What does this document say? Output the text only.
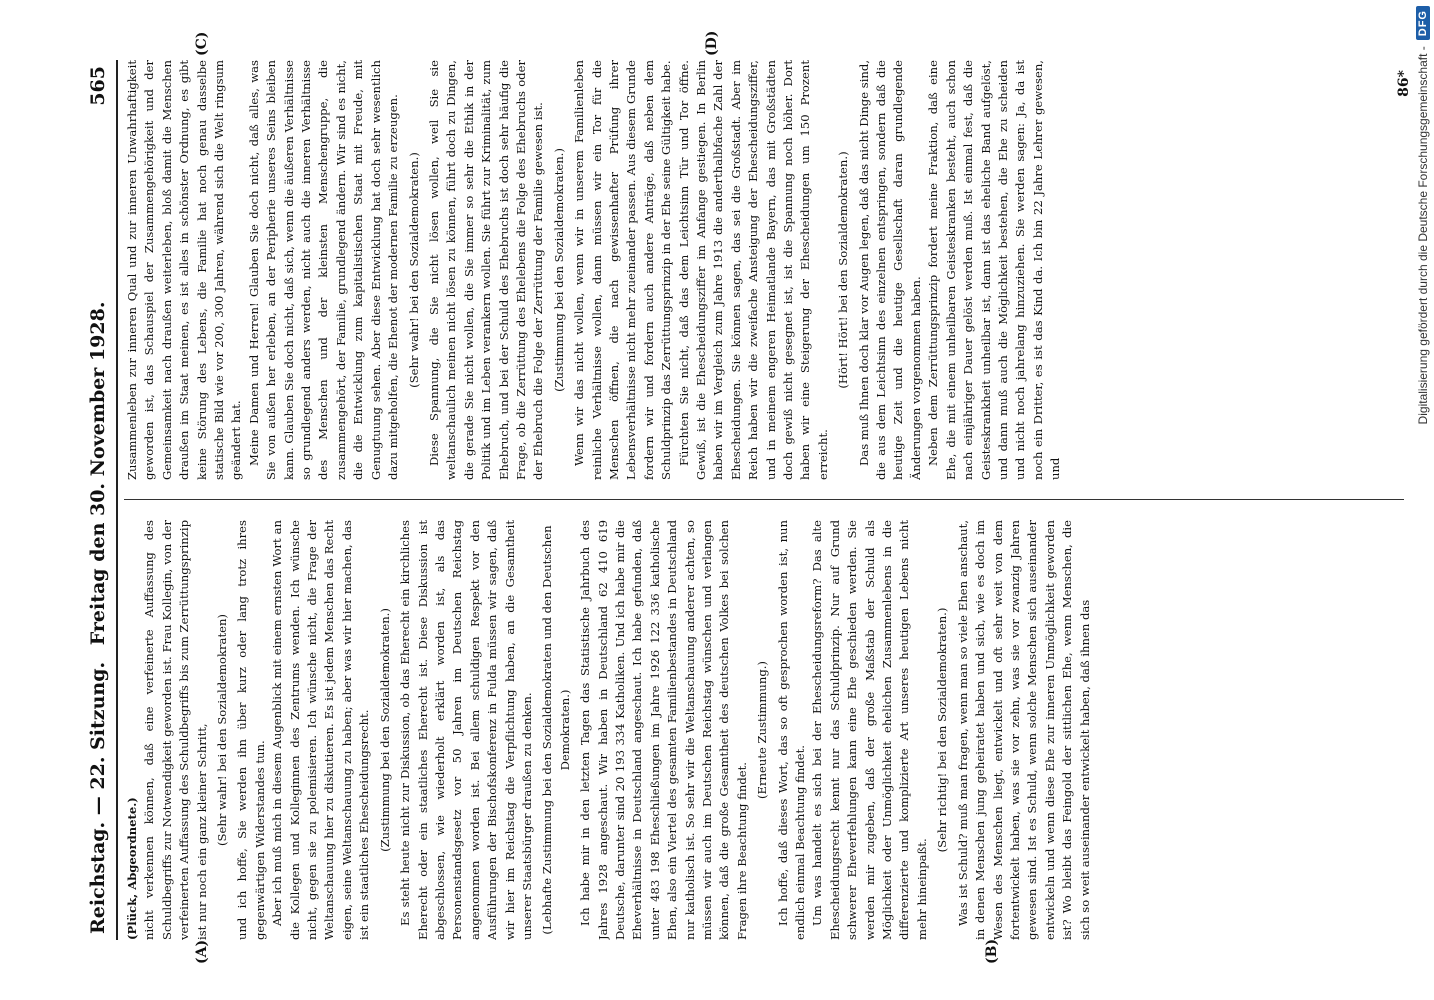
Reichstag. — 22. Sitzung. Freitag den 30. November 1928.
565
(A)	(B)

(Plück, Abgeordnete.) nicht verkennen können, daß eine verfeinerte Auffassung des Schuldbegriffs zur Notwendigkeit geworden ist. Frau Kollegin, von der verfeinerten Auffassung des Schuldbegriffs bis zum Zerrüttungsprinzip ist nur noch ein ganz kleiner Schritt, (Sehr wahr! bei den Sozialdemokraten) und ich hoffe, Sie werden ihn über kurz oder lang trotz ihres gegenwärtigen Widerstandes tun. Aber ich muß mich in diesem Augenblick mit einem ernsten Wort an die Kollegen und Kolleginnen des Zentrums wenden. Ich wünsche nicht, gegen sie zu polemisieren. Ich wünsche nicht, die Frage der Weltanschauung hier zu diskutieren. Es ist jedem Menschen das Recht eigen, seine Weltanschauung zu haben; aber was wir hier machen, das ist ein staatliches Ehescheidungsrecht. (Zustimmung bei den Sozialdemokraten.) Es steht heute nicht zur Diskussion, ob das Eherecht ein kirchliches Eherecht oder ein staatliches Eherecht ist. Diese Diskussion ist abgeschlossen, wie wiederholt erklärt worden ist, als das Personenstandsgesetz vor 50 Jahren im Deutschen Reichstag angenommen worden ist. Bei allem schuldigen Respekt vor den Ausführungen der Bischofskonferenz in Fulda müssen wir sagen, daß wir hier im Reichstag die Verpflichtung haben, an die Gesamtheit unserer Staatsbürger draußen zu denken. (Lebhafte Zustimmung bei den Sozialdemokraten und den Deutschen Demokraten.) Ich habe mir in den letzten Tagen das Statistische Jahrbuch des Jahres 1928 angeschaut. Wir haben in Deutschland 62 410 619 Deutsche, darunter sind 20 193 334 Katholiken. Und ich habe mir die Eheverhältnisse in Deutschland angeschaut. Ich habe gefunden, daß unter 483 198 Eheschließungen im Jahre 1926 122 336 katholische Ehen, also ein Viertel des gesamten Familienbestandes in Deutschland nur katholisch ist. So sehr wir die Weltanschauung anderer achten, so müssen wir auch im Deutschen Reichstag wünschen und verlangen können, daß die große Gesamtheit des deutschen Volkes bei solchen Fragen ihre Beachtung findet.

(Erneute Zustimmung.) Ich hoffe, daß dieses Wort, das so oft gesprochen worden ist, nun endlich einmal Beachtung findet. Um was handelt es sich bei der Ehescheidungsreform? Das alte Ehescheidungsrecht kennt nur das Schuldprinzip. Nur auf Grund schwerer Eheverfehlungen kann eine Ehe geschieden werden. Sie werden mir zugeben, daß der große Maßstab der Schuld als Möglichkeit oder Unmöglichkeit ehelichen Zusammenlebens in die differenzierte und komplizierte Art unseres heutigen Lebens nicht mehr hineinpaßt.

(Sehr richtig! bei den Sozialdemokraten.) Was ist Schuld? muß man fragen, wenn man so viele Ehen anschaut, in denen Menschen jung geheiratet haben und sich, wie es doch im Wesen des Menschen liegt, entwickelt und oft sehr weit von dem fortentwickelt haben, was sie vor zehn, was sie vor zwanzig Jahren gewesen sind. Ist es Schuld, wenn solche Menschen sich auseinander entwickeln und wenn diese Ehe zur inneren Unmöglichkeit geworden ist? Wo bleibt das Feingold der sittlichen Ehe, wenn Menschen, die sich so weit auseinander entwickelt haben, daß ihnen das

Zusammenleben zur inneren Qual und zur inneren Unwahrhaftigkeit geworden ist, das Schauspiel der Zusammengehörigkeit und der Gemeinsamkeit nach draußen weiterleben, bloß damit die Menschen draußen im Staat meinen, es ist alles in schönster Ordnung, es gibt keine Störung des Lebens, die Familie hat noch genau dasselbe statische Bild wie vor 200, 300 Jahren, während sich die Welt ringsum geändert hat. Meine Damen und Herren! Glauben Sie doch nicht, daß alles, was Sie von außen her erleben, an der Peripherie unseres Seins bleiben kann. Glauben Sie doch nicht, daß sich, wenn die äußeren Verhältnisse so grundlegend anders werden, nicht auch die inneren Verhältnisse des Menschen und der kleinsten Menschengruppe, die zusammengehört, der Familie, grundlegend ändern. Wir sind es nicht, die die Entwicklung zum kapitalistischen Staat mit Freude, mit Genugtuung sehen. Aber diese Entwicklung hat doch sehr wesentlich dazu mitgeholfen, die Ehenot der modernen Familie zu erzeugen. (Sehr wahr! bei den Sozialdemokraten.) Diese Spannung, die Sie nicht lösen wollen, weil Sie sie weltanschaulich meinen nicht lösen zu können, führt doch zu Dingen, die gerade Sie nicht wollen, die Sie immer so sehr die Ethik in der Politik und im Leben verankern wollen. Sie führt zur Kriminalität, zum Ehebruch, und bei der Schuld des Ehebruchs ist doch sehr häufig die Frage, ob die Zerrüttung des Ehelebens die Folge des Ehebruchs oder der Ehebruch die Folge der Zerrüttung der Familie gewesen ist. (Zustimmung bei den Sozialdemokraten.) Wenn wir das nicht wollen, wenn wir in unserem Familienleben reinliche Verhältnisse wollen, dann müssen wir ein Tor für die Menschen öffnen, die nach gewissenhafter Prüfung ihrer Lebensverhältnisse nicht mehr zueinander passen. Aus diesem Grunde fordern wir und fordern auch andere Anträge, daß neben dem Schuldprinzip das Zerrüttungsprinzip in der Ehe seine Gültigkeit habe. Fürchten Sie nicht, daß das dem Leichtsinn Tür und Tor öffne. Gewiß, ist die Ehescheidungsziffer im Anfange gestiegen. In Berlin haben wir im Vergleich zum Jahre 1913 die anderthalbfache Zahl der Ehescheidungen. Sie können sagen, das sei die Großstadt. Aber im Reich haben wir die zweifache Ansteigung der Ehescheidungsziffer, und in meinem engeren Heimatlande Bayern, das mit Großstädten doch gewiß nicht gesegnet ist, ist die Spannung noch höher. Dort haben wir eine Steigerung der Ehescheidungen um 150 Prozent erreicht.

(Hört! Hört! bei den Sozialdemokraten.) Das muß Ihnen doch klar vor Augen legen, daß das nicht Dinge sind, die aus dem Leichtsinn des einzelnen entspringen, sondern daß die heutige Zeit und die heutige Gesellschaft daran grundlegende Änderungen vorgenommen haben. Neben dem Zerrüttungsprinzip fordert meine Fraktion, daß eine Ehe, die mit einem unheilbaren Geisteskranken besteht, auch schon nach einjähriger Dauer gelöst werden muß. Ist einmal fest, daß die Geisteskrankheit unheilbar ist, dann ist das eheliche Band aufgelöst, und dann muß auch die Möglichkeit bestehen, die Ehe zu scheiden und nicht noch jahrelang hinzuziehen. Sie werden sagen: Ja, da ist noch ein Dritter, es ist das Kind da. Ich bin 22 Jahre Lehrer gewesen, und

(C)	(D)
86* Digitalisierung gefördert durch die Deutsche Forschungsgemeinschaft -
DFG
